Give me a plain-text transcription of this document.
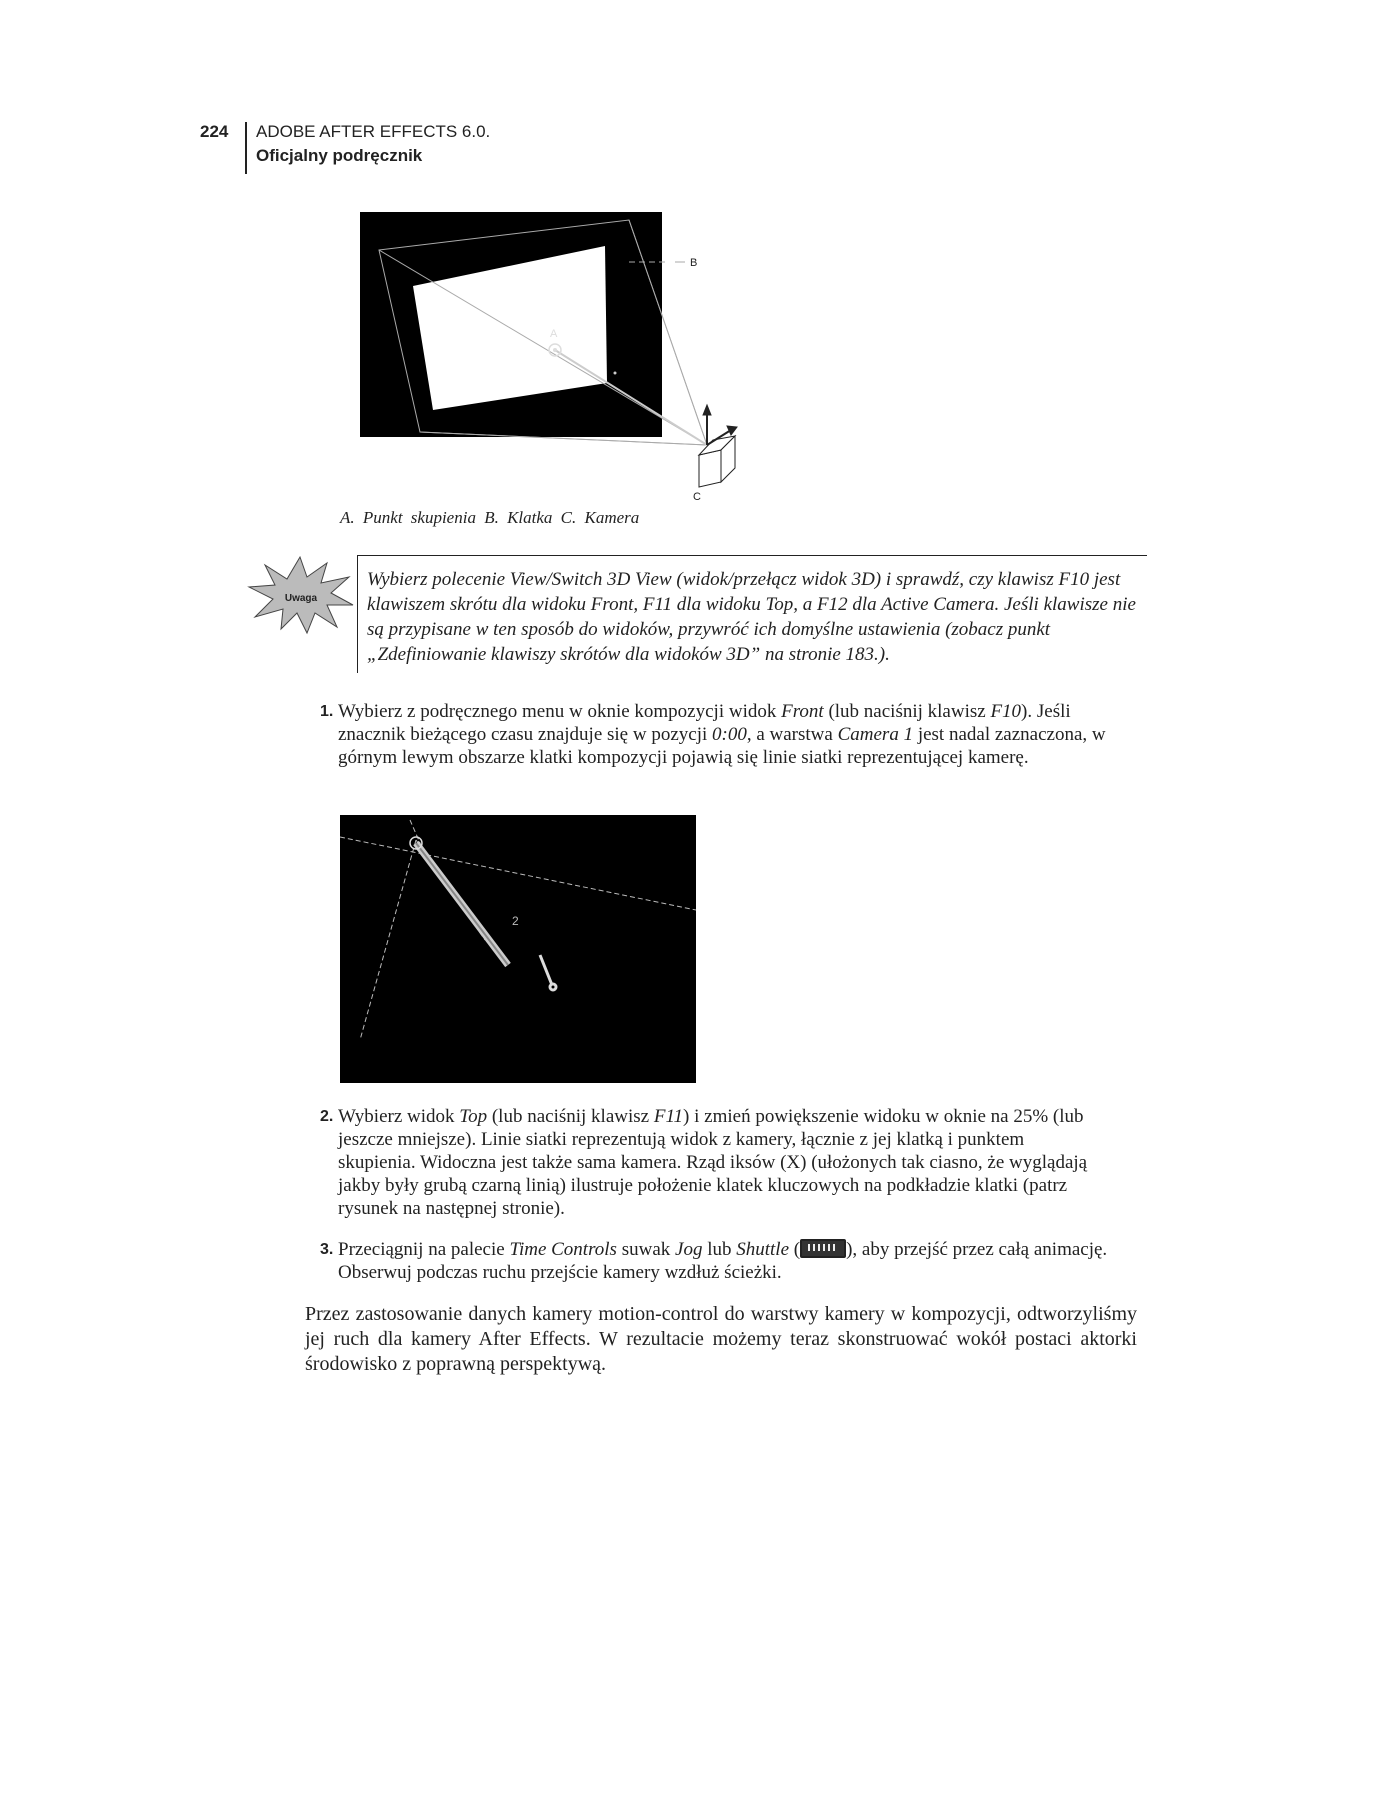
224 ADOBE AFTER EFFECTS 6.0.
Oficjalny podręcznik
A
B
C
A. Punkt skupienia B. Klatka C. Kamera
Uwaga
Wybierz polecenie View/Switch 3D View (widok/przełącz widok 3D) i sprawdź, czy klawisz F10 jest klawiszem skrótu dla widoku Front, F11 dla widoku Top, a F12 dla Active Camera. Jeśli klawisze nie są przypisane w ten sposób do widoków, przywróć ich domyślne ustawienia (zobacz punkt „Zdefiniowanie klawiszy skrótów dla widoków 3D” na stronie 183.).
1. Wybierz z podręcznego menu w oknie kompozycji widok Front (lub naciśnij klawisz F10). Jeśli znacznik bieżącego czasu znajduje się w pozycji 0:00, a warstwa Camera 1 jest nadal zaznaczona, w górnym lewym obszarze klatki kompozycji pojawią się linie siatki reprezentującej kamerę.
2
2. Wybierz widok Top (lub naciśnij klawisz F11) i zmień powiększenie widoku w oknie na 25% (lub jeszcze mniejsze). Linie siatki reprezentują widok z kamery, łącznie z jej klatką i punktem skupienia. Widoczna jest także sama kamera. Rząd iksów (X) (ułożonych tak ciasno, że wyglądają jakby były grubą czarną linią) ilustruje położenie klatek kluczowych na podkładzie klatki (patrz rysunek na następnej stronie).
3. Przeciągnij na palecie Time Controls suwak Jog lub Shuttle ( ), aby przejść przez całą animację. Obserwuj podczas ruchu przejście kamery wzdłuż ścieżki.
Przez zastosowanie danych kamery motion-control do warstwy kamery w kompozycji, odtworzyliśmy jej ruch dla kamery After Effects. W rezultacie możemy teraz skonstruować wokół postaci aktorki środowisko z poprawną perspektywą.
